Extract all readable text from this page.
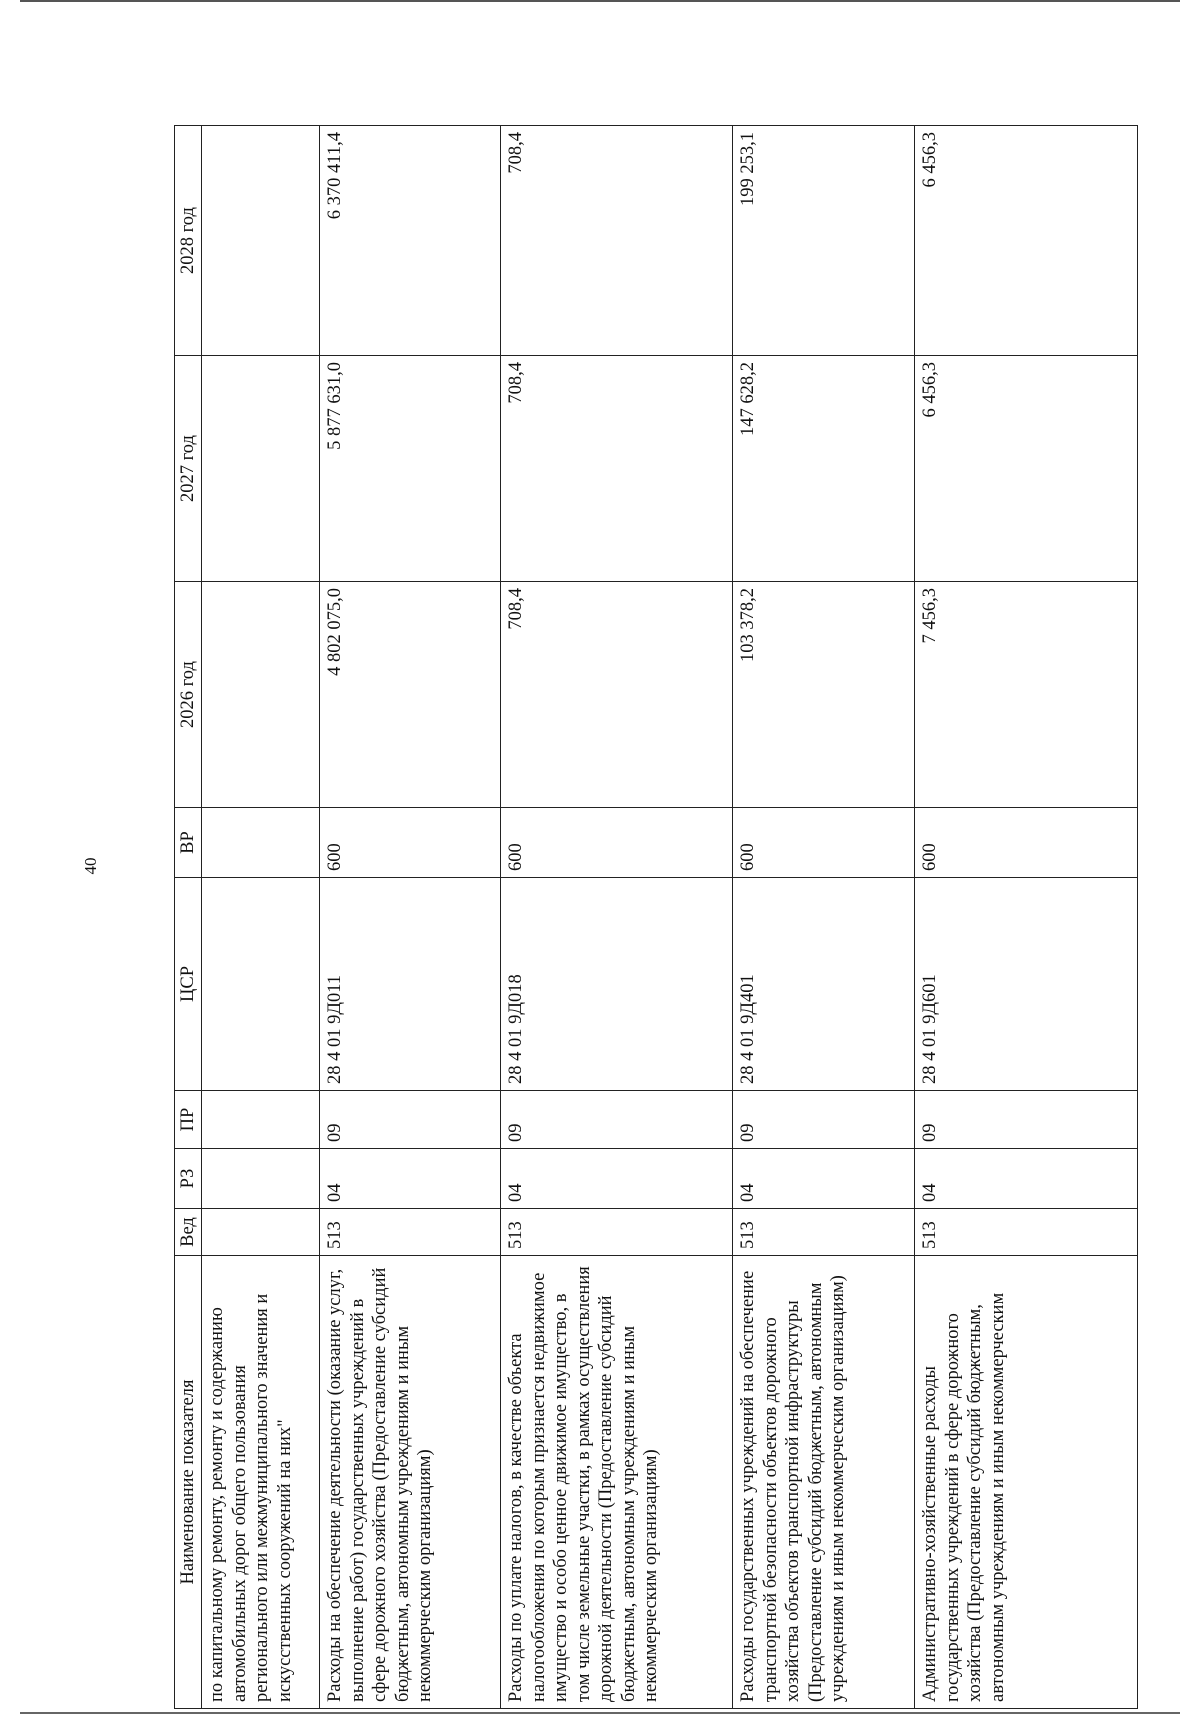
40
Наименование показателя	Вед	РЗ	ПР	ЦСР	ВР	2026 год	2027 год	2028 год
по капитальному ремонту, ремонту и содержанию автомобильных дорог общего пользования регионального или межмуниципального значения и искусственных сооружений на них"								
Расходы на обеспечение деятельности (оказание услуг, выполнение работ) государственных учреждений в сфере дорожного хозяйства (Предоставление субсидий бюджетным, автономным учреждениям и иным некоммерческим организациям)	513	04	09	28 4 01 9Д011	600	4 802 075,0	5 877 631,0	6 370 411,4
Расходы по уплате налогов, в качестве объекта налогообложения по которым признается недвижимое имущество и особо ценное движимое имущество, в том числе земельные участки, в рамках осуществления дорожной деятельности (Предоставление субсидий бюджетным, автономным учреждениям и иным некоммерческим организациям)	513	04	09	28 4 01 9Д018	600	708,4	708,4	708,4
Расходы государственных учреждений на обеспечение транспортной безопасности объектов дорожного хозяйства объектов транспортной инфраструктуры (Предоставление субсидий бюджетным, автономным учреждениям и иным некоммерческим организациям)	513	04	09	28 4 01 9Д401	600	103 378,2	147 628,2	199 253,1
Административно-хозяйственные расходы государственных учреждений в сфере дорожного хозяйства (Предоставление субсидий бюджетным, автономным учреждениям и иным некоммерческим	513	04	09	28 4 01 9Д601	600	7 456,3	6 456,3	6 456,3
